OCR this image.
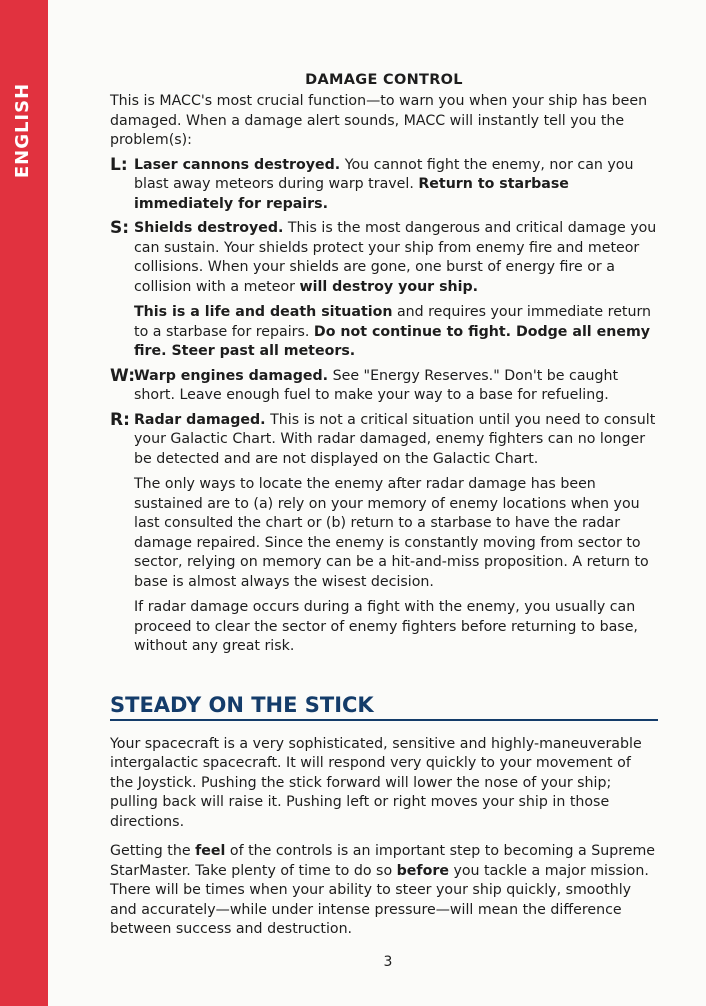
ENGLISH
DAMAGE CONTROL

This is MACC's most crucial function—to warn you when your ship has been damaged. When a damage alert sounds, MACC will instantly tell you the problem(s):

L: Laser cannons destroyed. You cannot fight the enemy, nor can you blast away meteors during warp travel. Return to starbase immediately for repairs.

S: Shields destroyed. This is the most dangerous and critical damage you can sustain. Your shields protect your ship from enemy fire and meteor collisions. When your shields are gone, one burst of energy fire or a collision with a meteor will destroy your ship.

This is a life and death situation and requires your immediate return to a starbase for repairs. Do not continue to fight. Dodge all enemy fire. Steer past all meteors.

W:

Warp engines damaged. See "Energy Reserves." Don't be caught short. Leave enough fuel to make your way to a base for refueling.

R: Radar damaged. This is not a critical situation until you need to consult your Galactic Chart. With radar damaged, enemy fighters can no longer be detected and are not displayed on the Galactic Chart.

The only ways to locate the enemy after radar damage has been sustained are to (a) rely on your memory of enemy locations when you last consulted the chart or (b) return to a starbase to have the radar damage repaired. Since the enemy is constantly moving from sector to sector, relying on memory can be a hit-and-miss proposition. A return to base is almost always the wisest decision.

If radar damage occurs during a fight with the enemy, you usually can proceed to clear the sector of enemy fighters before returning to base, without any great risk.

STEADY ON THE STICK

Your spacecraft is a very sophisticated, sensitive and highly-maneuverable intergalactic spacecraft. It will respond very quickly to your movement of the Joystick. Pushing the stick forward will lower the nose of your ship; pulling back will raise it. Pushing left or right moves your ship in those directions.

Getting the feel of the controls is an important step to becoming a Supreme StarMaster. Take plenty of time to do so before you tackle a major mission. There will be times when your ability to steer your ship quickly, smoothly and accurately—while under intense pressure—will mean the difference between success and destruction.

3
